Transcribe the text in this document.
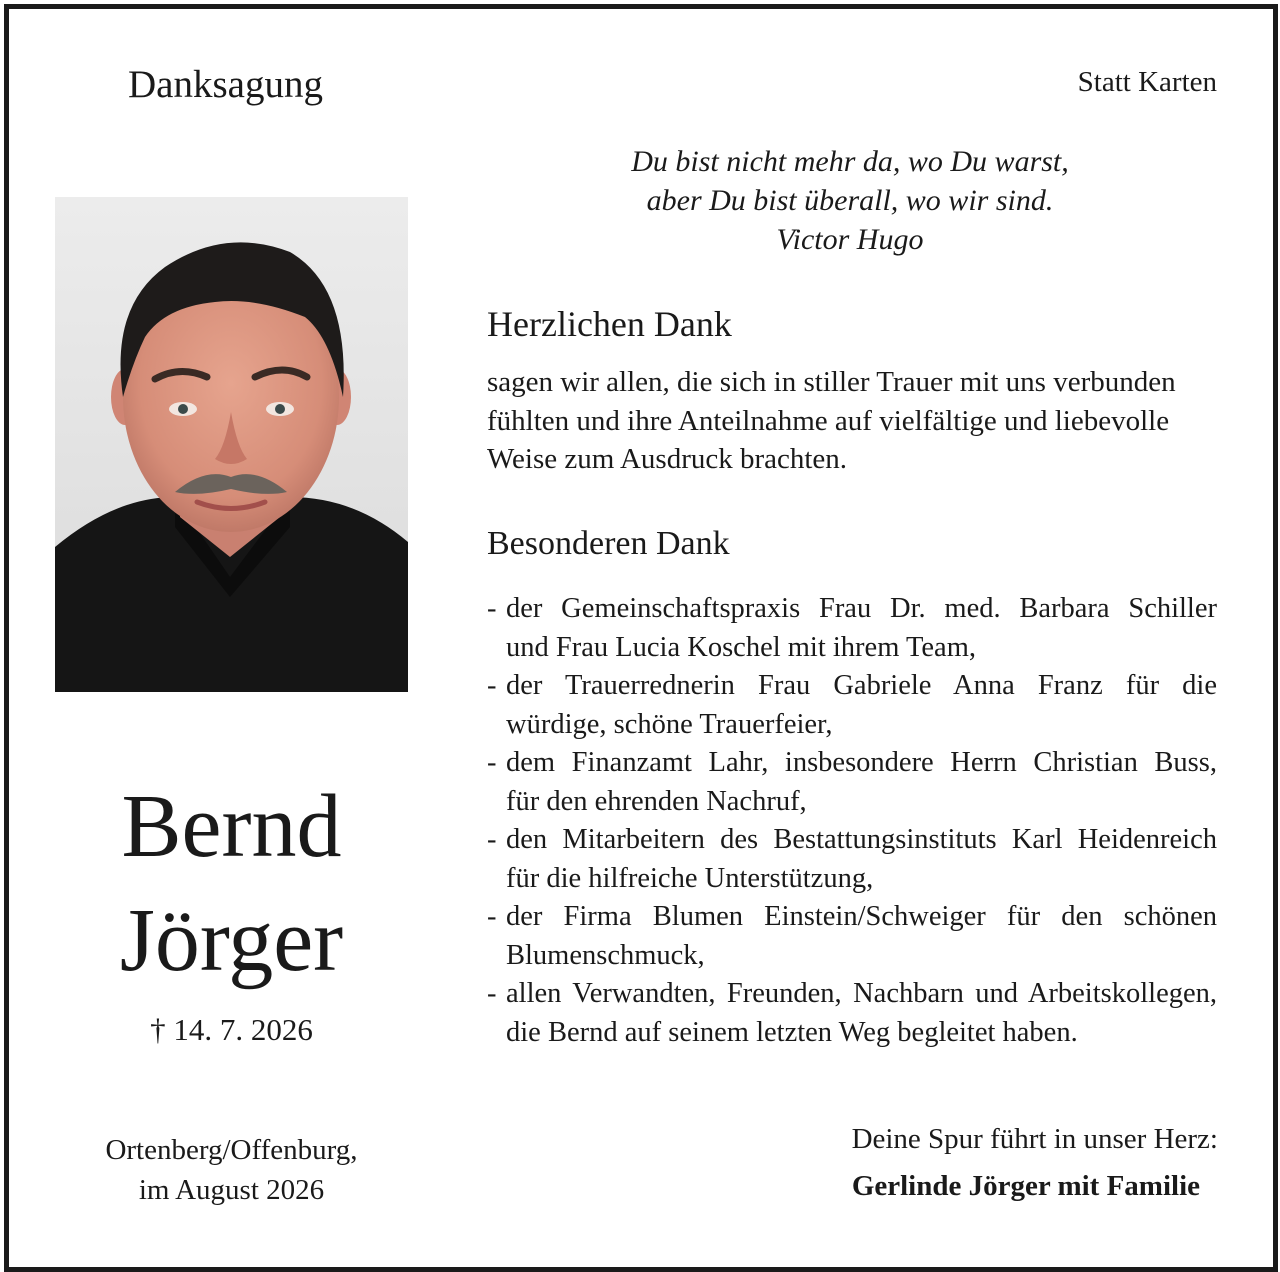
Danksagung	Statt Karten
Du bist nicht mehr da, wo Du warst,
aber Du bist überall, wo wir sind.
Victor Hugo
Bernd
Jörger
† 14. 7. 2026
Ortenberg/Offenburg,
im August 2026
Herzlichen Dank
sagen wir allen, die sich in stiller Trauer mit uns verbunden
fühlten und ihre Anteilnahme auf vielfältige und liebevolle
Weise zum Ausdruck brachten.
Besonderen Dank
- der Gemeinschaftspraxis Frau Dr. med. Barbara Schiller
und Frau Lucia Koschel mit ihrem Team,
- der Trauerrednerin Frau Gabriele Anna Franz für die
würdige, schöne Trauerfeier,
- dem Finanzamt Lahr, insbesondere Herrn Christian Buss,
für den ehrenden Nachruf,
- den Mitarbeitern des Bestattungsinstituts Karl Heidenreich
für die hilfreiche Unterstützung,
- der Firma Blumen Einstein/Schweiger für den schönen
Blumenschmuck,
- allen Verwandten, Freunden, Nachbarn und Arbeitskollegen,
die Bernd auf seinem letzten Weg begleitet haben.
Deine Spur führt in unser Herz:
Gerlinde Jörger mit Familie
